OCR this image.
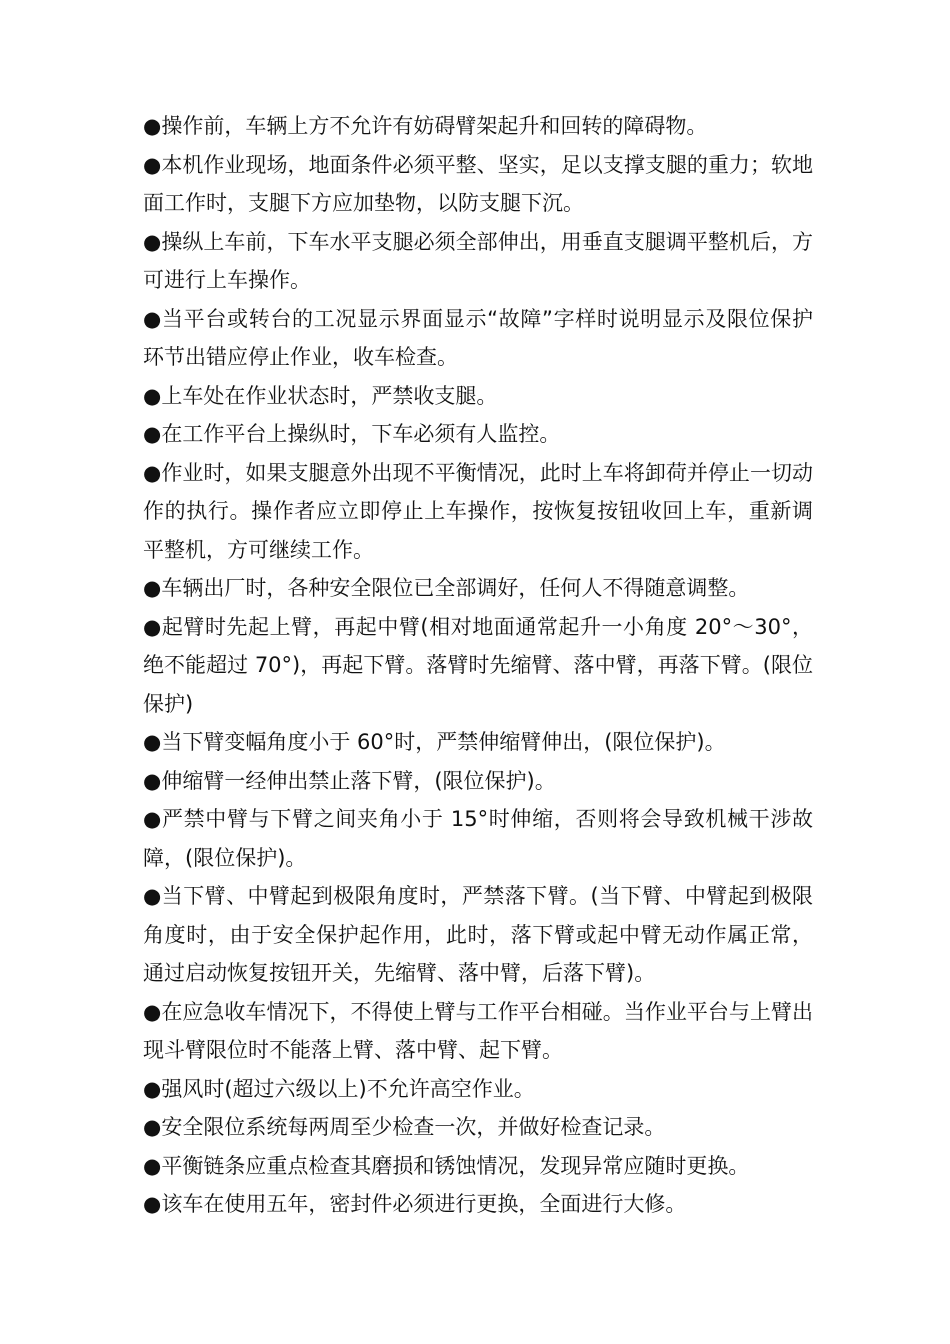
●操作前，车辆上方不允许有妨碍臂架起升和回转的障碍物。

●本机作业现场，地面条件必须平整、坚实，足以支撑支腿的重力；软地面工作时，支腿下方应加垫物，以防支腿下沉。

●操纵上车前，下车水平支腿必须全部伸出，用垂直支腿调平整机后，方可进行上车操作。

●当平台或转台的工况显示界面显示“故障”字样时说明显示及限位保护环节出错应停止作业，收车检查。

●上车处在作业状态时，严禁收支腿。

●在工作平台上操纵时，下车必须有人监控。

●作业时，如果支腿意外出现不平衡情况，此时上车将卸荷并停止一切动作的执行。操作者应立即停止上车操作，按恢复按钮收回上车，重新调平整机，方可继续工作。

●车辆出厂时，各种安全限位已全部调好，任何人不得随意调整。

●起臂时先起上臂，再起中臂(相对地面通常起升一小角度 20°～30°，绝不能超过 70°)，再起下臂。落臂时先缩臂、落中臂，再落下臂。(限位保护)

●当下臂变幅角度小于 60°时，严禁伸缩臂伸出，(限位保护)。

●伸缩臂一经伸出禁止落下臂，(限位保护)。

●严禁中臂与下臂之间夹角小于 15°时伸缩，否则将会导致机械干涉故障，(限位保护)。

●当下臂、中臂起到极限角度时，严禁落下臂。(当下臂、中臂起到极限角度时，由于安全保护起作用，此时，落下臂或起中臂无动作属正常，通过启动恢复按钮开关，先缩臂、落中臂，后落下臂)。

●在应急收车情况下，不得使上臂与工作平台相碰。当作业平台与上臂出现斗臂限位时不能落上臂、落中臂、起下臂。

●强风时(超过六级以上)不允许高空作业。

●安全限位系统每两周至少检查一次，并做好检查记录。

●平衡链条应重点检查其磨损和锈蚀情况，发现异常应随时更换。

●该车在使用五年，密封件必须进行更换，全面进行大修。
